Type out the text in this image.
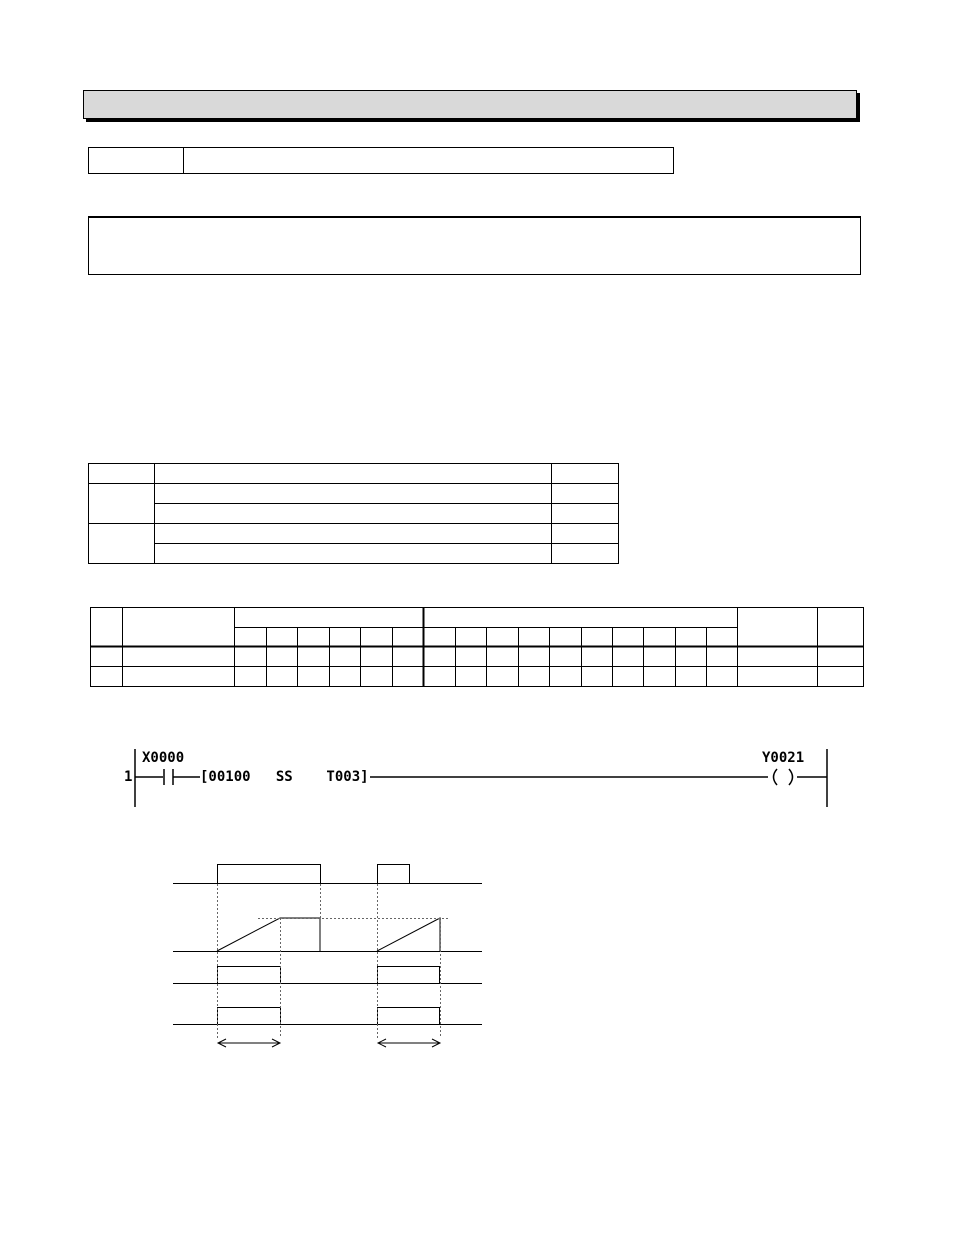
1
X0000
[00100   SS    T003]
Y0021
